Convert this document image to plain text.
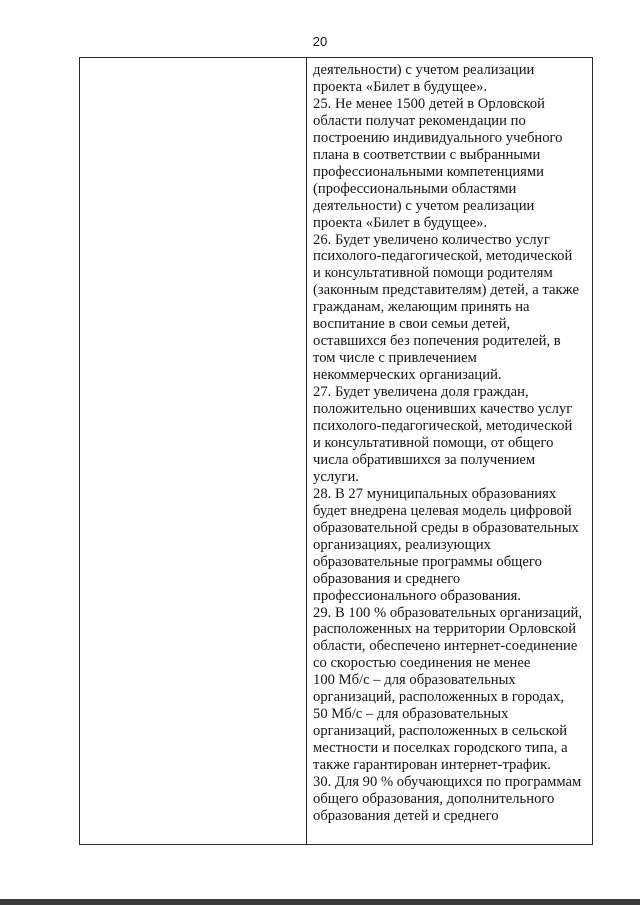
20
деятельности) с учетом реализации
проекта «Билет в будущее».
25. Не менее 1500 детей в Орловской
области получат рекомендации по
построению индивидуального учебного
плана в соответствии с выбранными
профессиональными компетенциями
(профессиональными областями
деятельности) с учетом реализации
проекта «Билет в будущее».
26. Будет увеличено количество услуг
психолого-педагогической, методической
и консультативной помощи родителям
(законным представителям) детей, а также
гражданам, желающим принять на
воспитание в свои семьи детей,
оставшихся без попечения родителей, в
том числе с привлечением
некоммерческих организаций.
27. Будет увеличена доля граждан,
положительно оценивших качество услуг
психолого-педагогической, методической
и консультативной помощи, от общего
числа обратившихся за получением
услуги.
28. В 27 муниципальных образованиях
будет внедрена целевая модель цифровой
образовательной среды в образовательных
организациях, реализующих
образовательные программы общего
образования и среднего
профессионального образования.
29. В 100 % образовательных организаций,
расположенных на территории Орловской
области, обеспечено интернет-соединение
со скоростью соединения не менее
100 Мб/с – для образовательных
организаций, расположенных в городах,
50 Мб/с – для образовательных
организаций, расположенных в сельской
местности и поселках городского типа, а
также гарантирован интернет-трафик.
30. Для 90 % обучающихся по программам
общего образования, дополнительного
образования детей и среднего
